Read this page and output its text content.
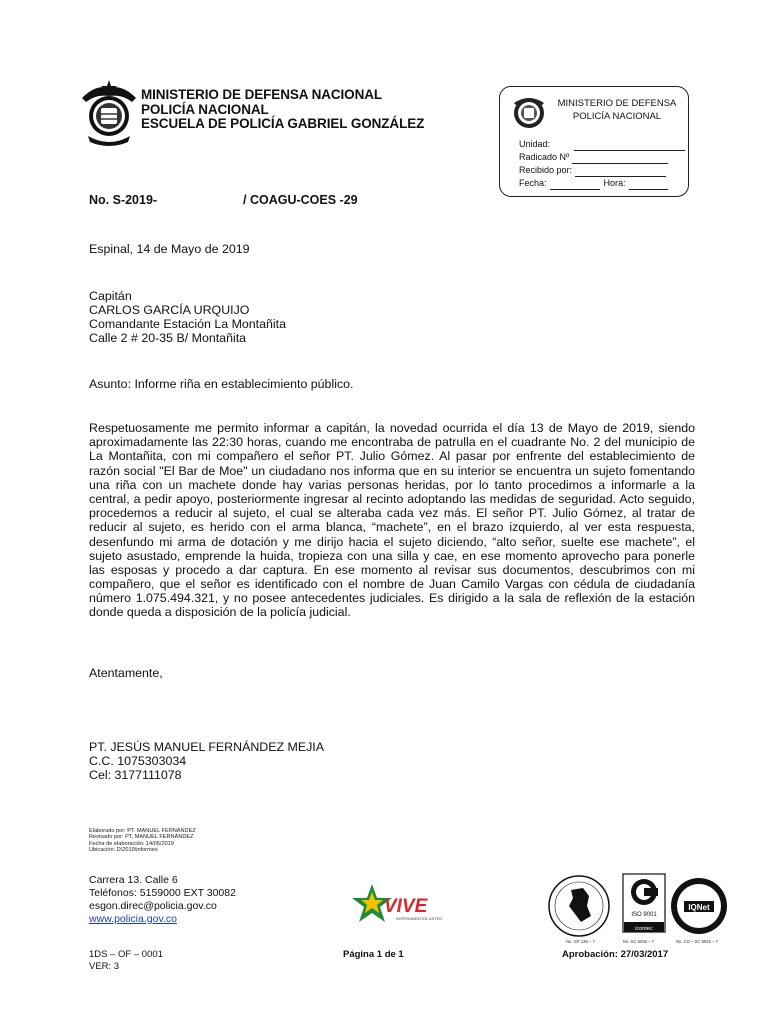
MINISTERIO DE DEFENSA NACIONAL
POLICÍA NACIONAL
ESCUELA DE POLICÍA GABRIEL GONZÁLEZ
MINISTERIO DE DEFENSA
POLICÍA NACIONAL
Unidad:
Radicado Nº
Recibido por:
Fecha:	Hora:
No. S-2019-	/ COAGU-COES -29
Espinal, 14 de Mayo de 2019
Capitán
CARLOS GARCÍA URQUIJO
Comandante Estación La Montañita
Calle 2 # 20-35 B/ Montañita
Asunto: Informe riña en establecimiento público.
Respetuosamente me permito informar a capitán, la novedad ocurrida el día 13 de Mayo de 2019, siendo
aproximadamente las 22:30 horas, cuando me encontraba de patrulla en el cuadrante No. 2 del municipio de
La Montañita, con mi compañero el señor PT. Julio Gómez. Al pasar por enfrente del establecimiento de
razón social "El Bar de Moe" un ciudadano nos informa que en su interior se encuentra un sujeto fomentando
una riña con un machete donde hay varias personas heridas, por lo tanto procedimos a informarle a la
central, a pedir apoyo, posteriormente ingresar al recinto adoptando las medidas de seguridad. Acto seguido,
procedemos a reducir al sujeto, el cual se alteraba cada vez más. El señor PT. Julio Gómez, al tratar de
reducir al sujeto, es herido con el arma blanca, “machete”, en el brazo izquierdo, al ver esta respuesta,
desenfundo mi arma de dotación y me dirijo hacia el sujeto diciendo, “alto señor, suelte ese machete”, el
sujeto asustado, emprende la huida, tropieza con una silla y cae, en ese momento aprovecho para ponerle
las esposas y procedo a dar captura. En ese momento al revisar sus documentos, descubrimos con mi
compañero, que el señor es identificado con el nombre de Juan Camilo Vargas con cédula de ciudadanía
número 1.075.494.321, y no posee antecedentes judiciales. Es dirigido a la sala de reflexión de la estación
donde queda a disposición de la policía judicial.
Atentamente,
PT. JESÚS MANUEL FERNÁNDEZ MEJIA
C.C. 1075303034
Cel: 3177111078
Elaborado por: PT. MANUEL FERNÁNDEZ
Revisado por: PT. MANUEL FERNÁNDEZ
Fecha de elaboración: 14/05/2019
Ubicación: D\2019\informes
Carrera 13. Calle 6
Teléfonos: 5159000 EXT 30082
esgon.direc@policia.gov.co
www.policia.gov.co
VIVE
INSPIRANDO EN USTED
ISO 9001
icontec
IQNet
No. GP 135 – 7	No. SC 6046 – 7	No. CO – SC 6046 – 7
1DS – OF – 0001
VER: 3
Página 1 de 1	Aprobación: 27/03/2017
